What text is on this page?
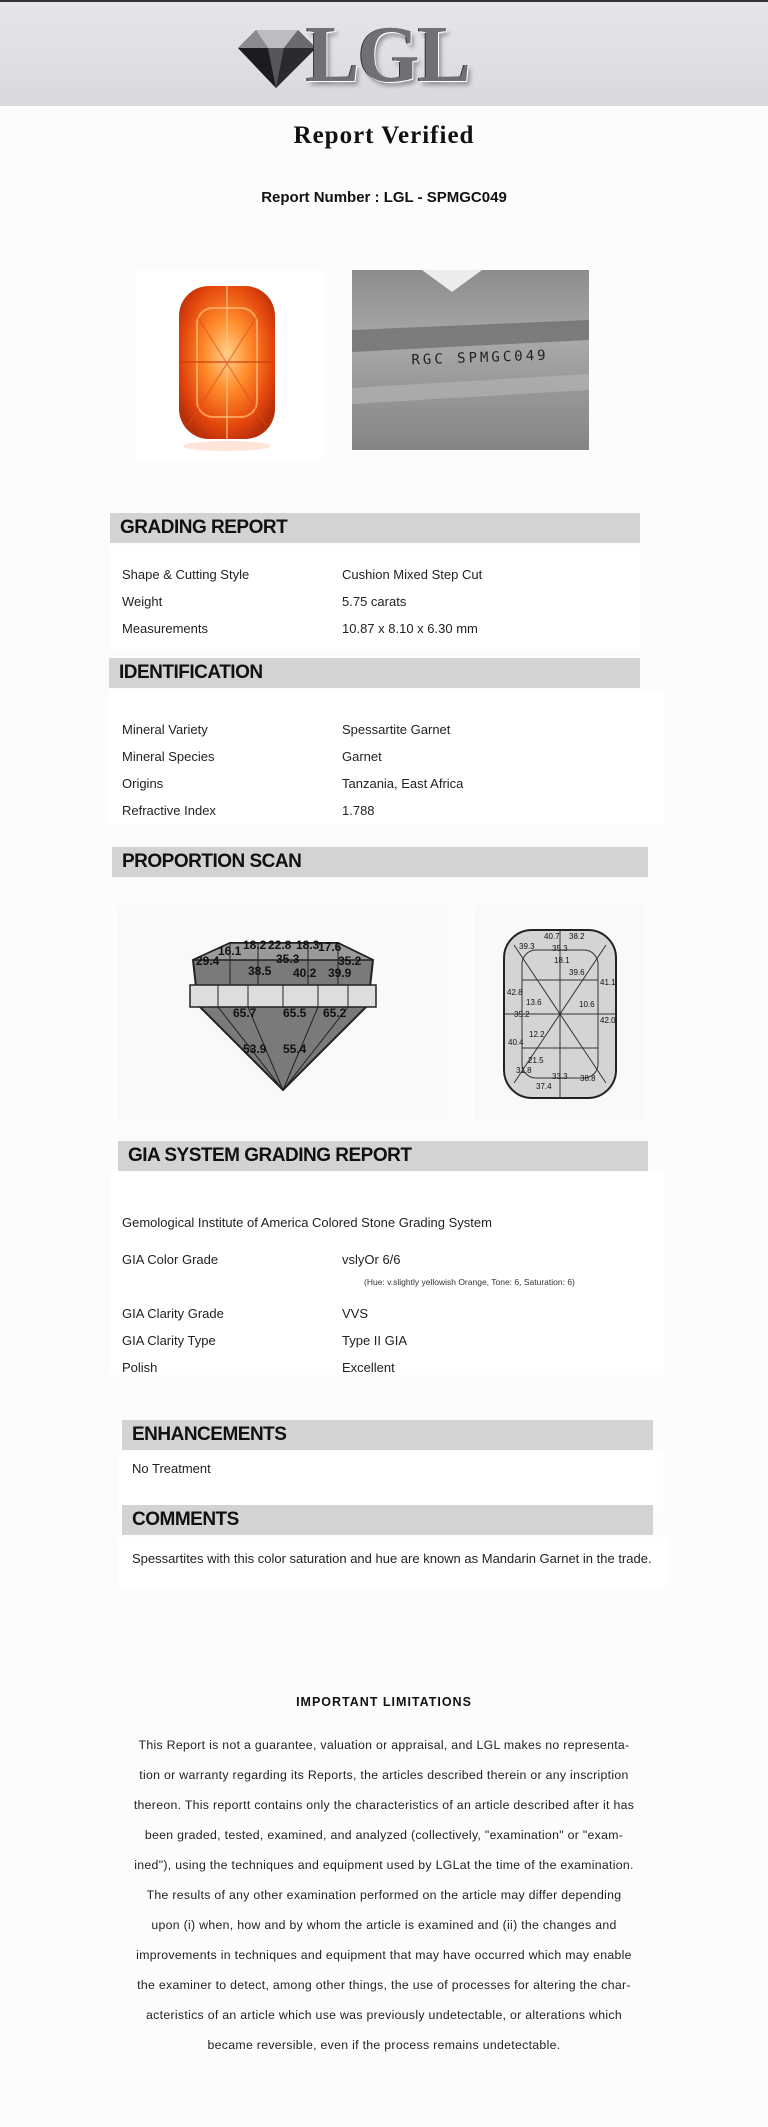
LGL
Report Verified
Report Number : LGL - SPMGC049
RGC SPMGC049
GRADING REPORT
Shape & Cutting Style	Cushion Mixed Step Cut
Weight	5.75 carats
Measurements	10.87 x 8.10 x 6.30 mm
IDENTIFICATION
Mineral Variety	Spessartite Garnet
Mineral Species	Garnet
Origins	Tanzania, East Africa
Refractive Index	1.788
PROPORTION SCAN
16.1 18.2 22.8 18.3
17.6
35.2
29.4	35.3
38.5 40.2 39.9
65.7 65.5 65.2
55.4
53.9
40.7 38.2
39.3 35.3
18.1
39.6
41.1
42.8
13.6
35.2
10.6
12.2
42.0
40.4
21.5
31.8
33.3 38.8
37.4
GIA SYSTEM GRADING REPORT
Gemological Institute of America Colored Stone Grading System
GIA Color Grade	vslyOr 6/6
(Hue: v.slightly yellowish Orange, Tone: 6, Saturation: 6)
GIA Clarity Grade	VVS
GIA Clarity Type	Type II GIA
Polish	Excellent
ENHANCEMENTS
No Treatment
COMMENTS
Spessartites with this color saturation and hue are known as Mandarin Garnet in the trade.
IMPORTANT LIMITATIONS
This Report is not a guarantee, valuation or appraisal, and LGL makes no representa-
tion or warranty regarding its Reports, the articles described therein or any inscription
thereon. This reportt contains only the characteristics of an article described after it has
been graded, tested, examined, and analyzed (collectively, "examination" or "exam-
ined"), using the techniques and equipment used by LGLat the time of the examination.
The results of any other examination performed on the article may differ depending
upon (i) when, how and by whom the article is examined and (ii) the changes and
improvements in techniques and equipment that may have occurred which may enable
the examiner to detect, among other things, the use of processes for altering the char-
acteristics of an article which use was previously undetectable, or alterations which
became reversible, even if the process remains undetectable.
